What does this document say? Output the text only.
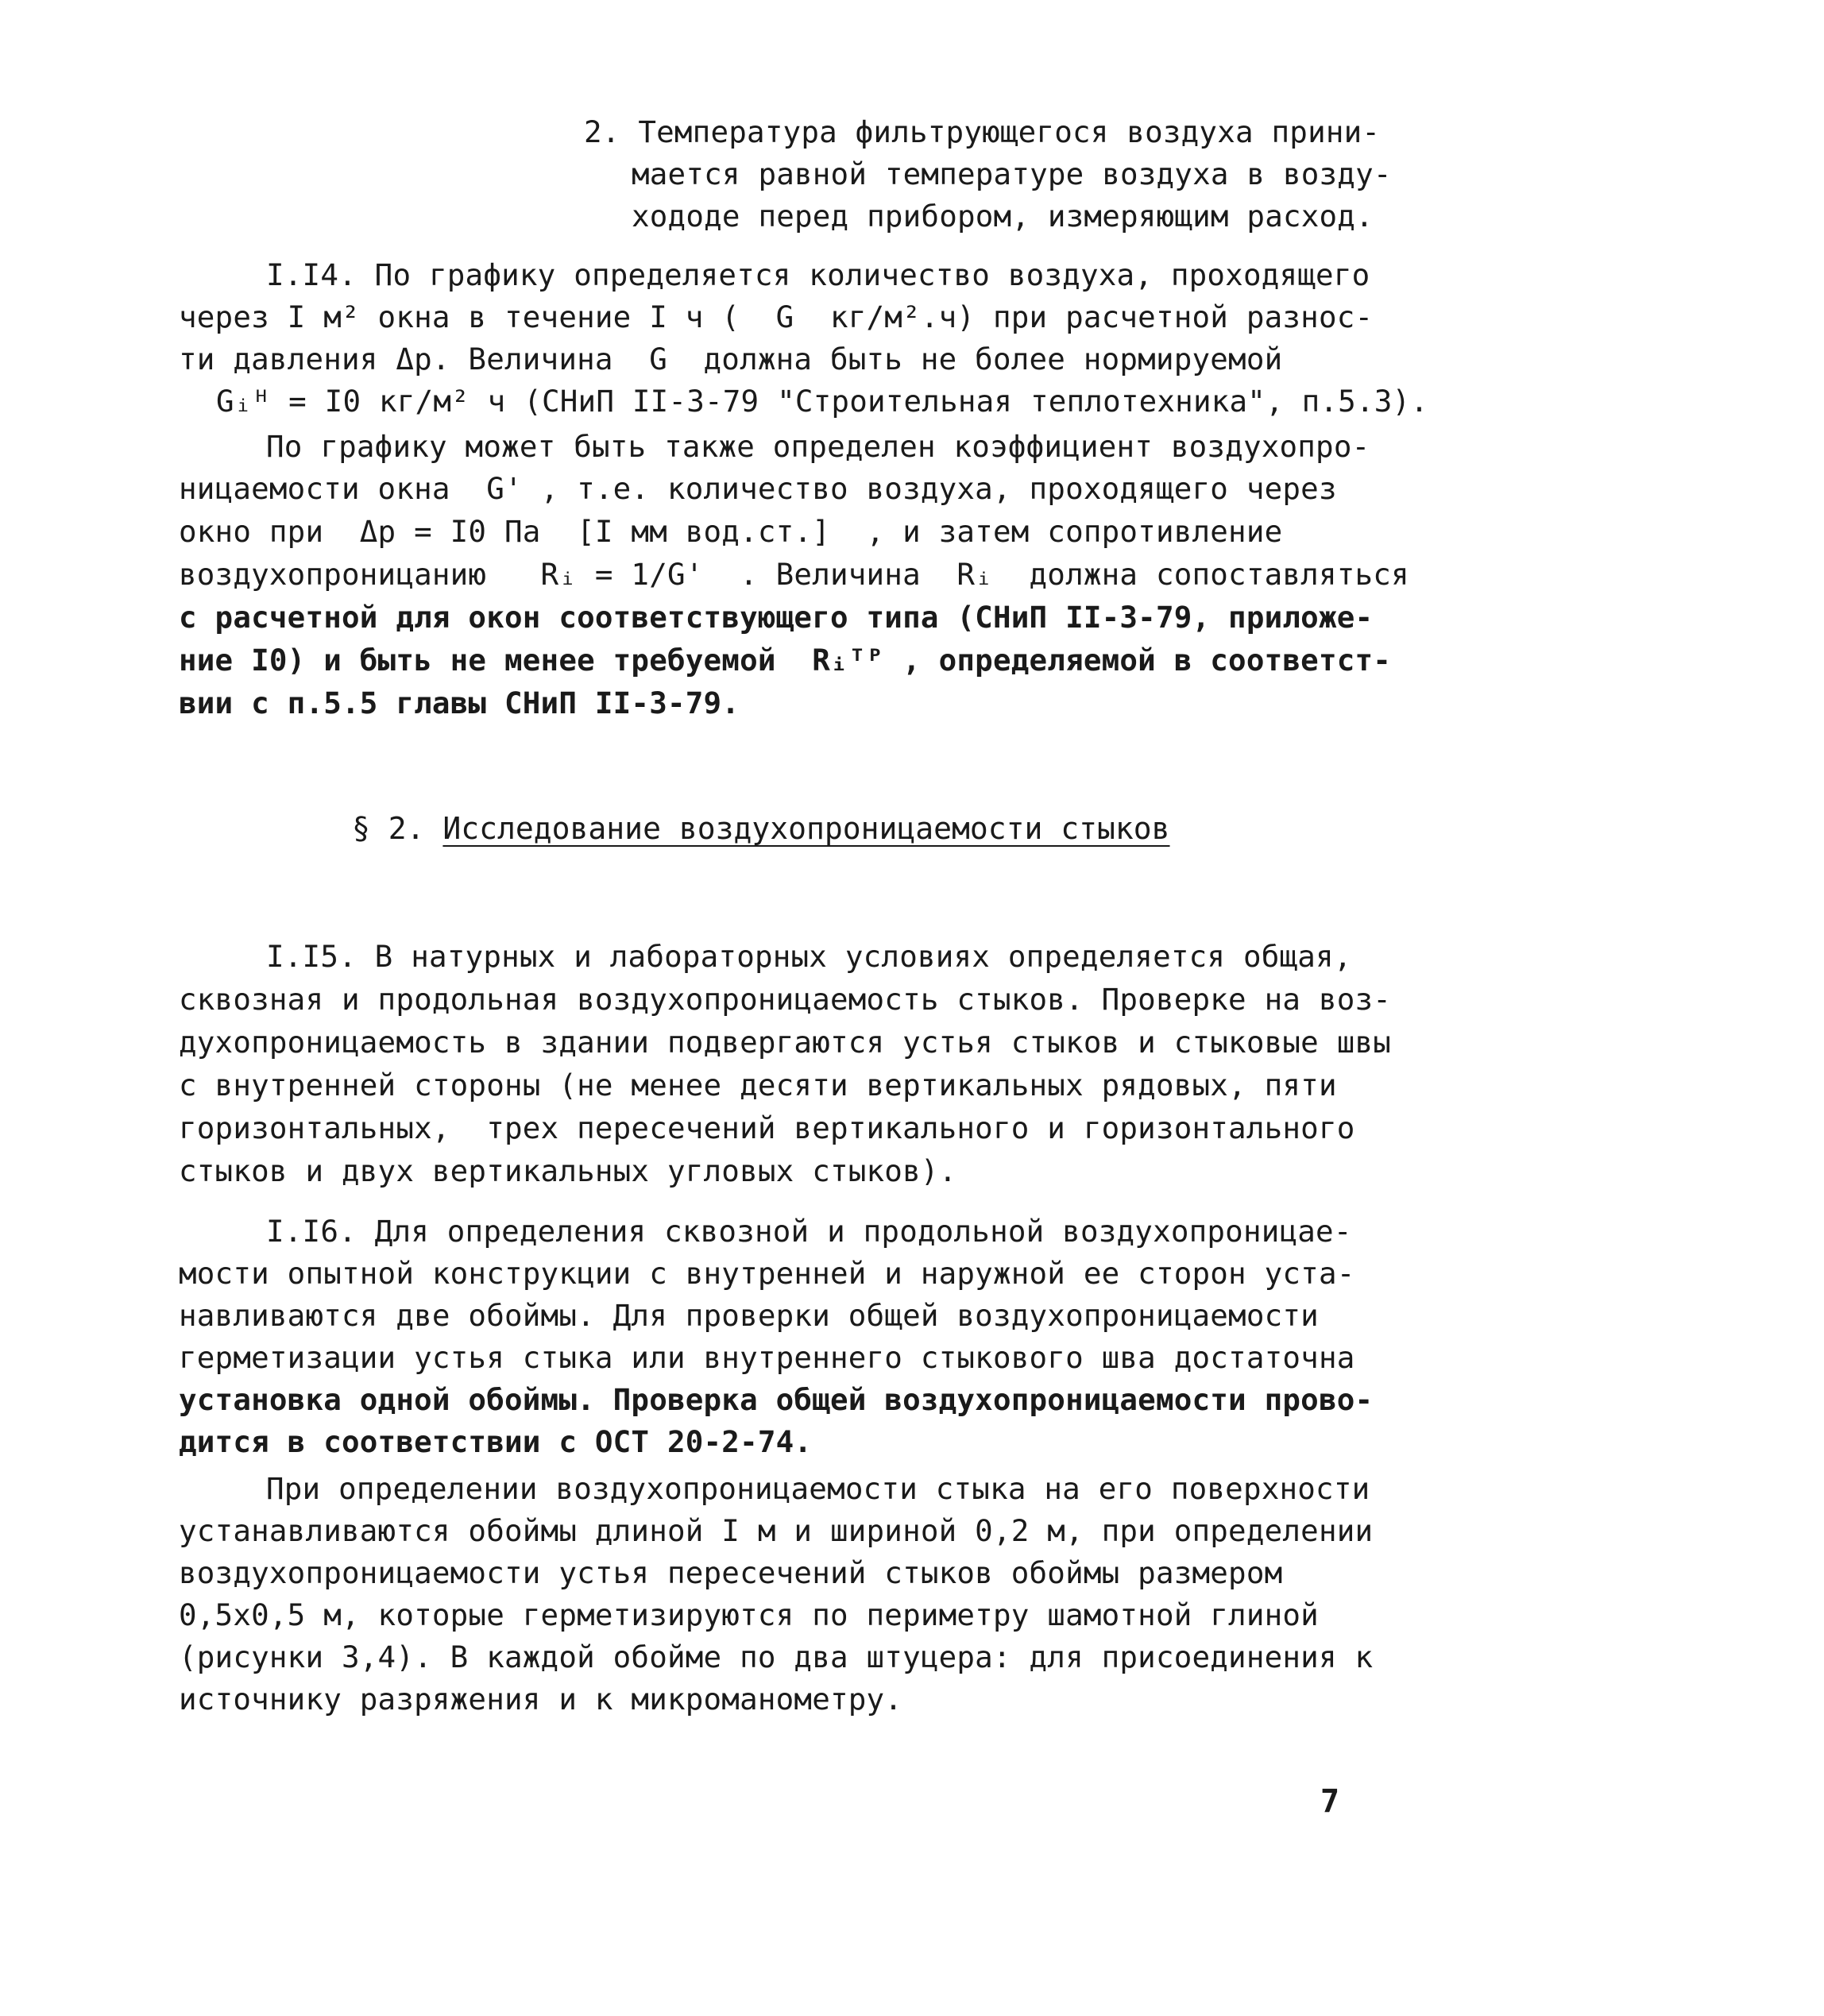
2. Температура фильтрующегося воздуха прини-
мается равной температуре воздуха в возду-
хододе перед прибором, измеряющим расход.
I.I4. По графику определяется количество воздуха, проходящего
через I м² окна в течение I ч (  G  кг/м².ч) при расчетной разнос-
ти давления Δр. Величина  G  должна быть не более нормируемой
Gᵢᴴ = I0 кг/м² ч (СНиП II-3-79 "Строительная теплотехника", п.5.3).
По графику может быть также определен коэффициент воздухопро-
ницаемости окна  G' , т.е. количество воздуха, проходящего через
окно при  Δр = I0 Па  [I мм вод.ст.]  , и затем сопротивление
воздухопроницанию   Rᵢ = 1/G'  . Величина  Rᵢ  должна сопоставляться
с расчетной для окон соответствующего типа (СНиП II-3-79, приложе-
ние I0) и быть не менее требуемой  Rᵢᵀᴾ , определяемой в соответст-
вии с п.5.5 главы СНиП II-3-79.
§ 2. Исследование воздухопроницаемости стыков
I.I5. В натурных и лабораторных условиях определяется общая,
сквозная и продольная воздухопроницаемость стыков. Проверке на воз-
духопроницаемость в здании подвергаются устья стыков и стыковые швы
с внутренней стороны (не менее десяти вертикальных рядовых, пяти
горизонтальных,  трех пересечений вертикального и горизонтального
стыков и двух вертикальных угловых стыков).
I.I6. Для определения сквозной и продольной воздухопроницае-
мости опытной конструкции с внутренней и наружной ее сторон уста-
навливаются две обоймы. Для проверки общей воздухопроницаемости
герметизации устья стыка или внутреннего стыкового шва достаточна
установка одной обоймы. Проверка общей воздухопроницаемости прово-
дится в соответствии с ОСТ 20-2-74.
При определении воздухопроницаемости стыка на его поверхности
устанавливаются обоймы длиной I м и шириной 0,2 м, при определении
воздухопроницаемости устья пересечений стыков обоймы размером
0,5x0,5 м, которые герметизируются по периметру шамотной глиной
(рисунки 3,4). В каждой обойме по два штуцера: для присоединения к
источнику разряжения и к микроманометру.
7
